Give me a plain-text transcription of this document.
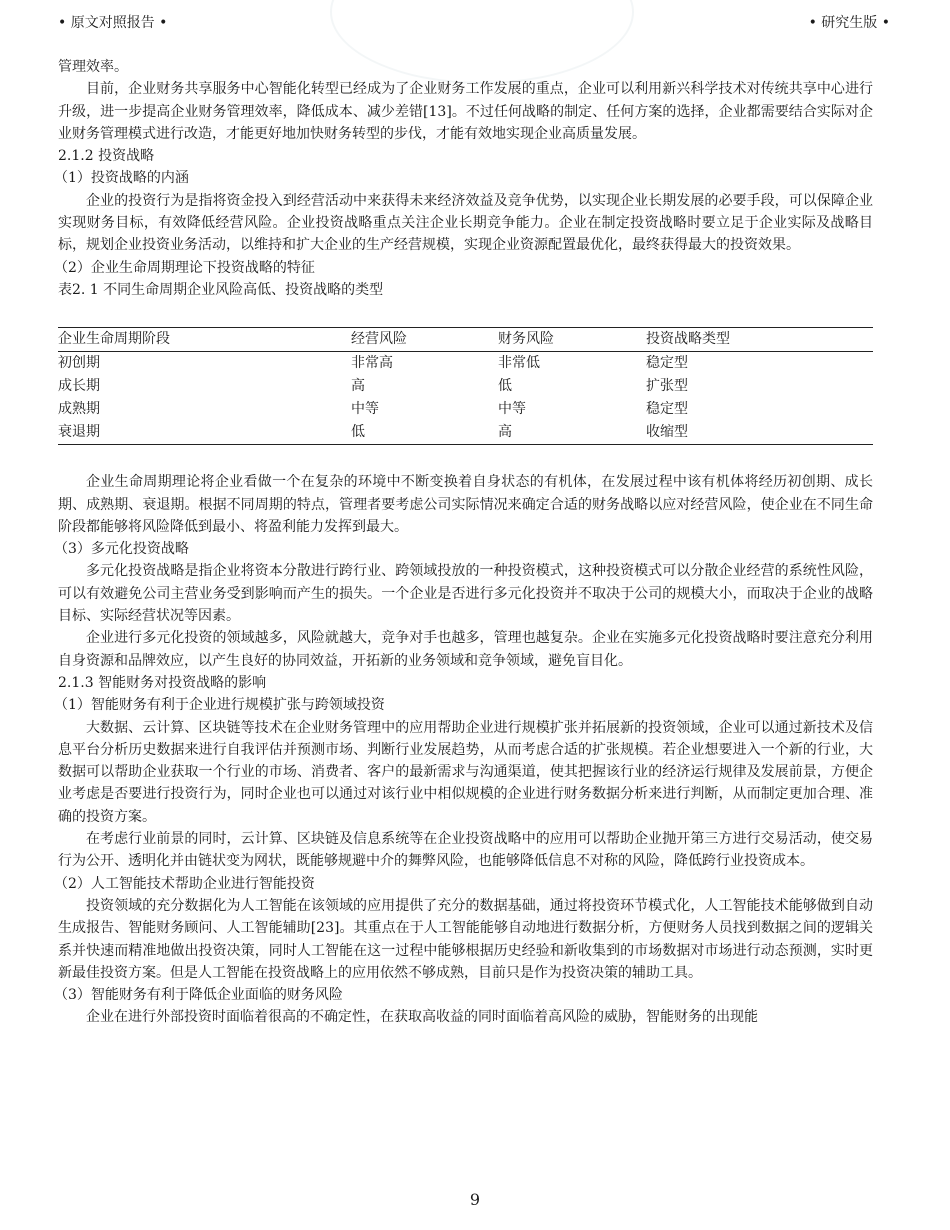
• 原文对照报告 •	• 研究生版 •

管理效率。

目前，企业财务共享服务中心智能化转型已经成为了企业财务工作发展的重点，企业可以利用新兴科学技术对传统共享中心进行升级，进一步提高企业财务管理效率，降低成本、减少差错[13]。不过任何战略的制定、任何方案的选择，企业都需要结合实际对企业财务管理模式进行改造，才能更好地加快财务转型的步伐，才能有效地实现企业高质量发展。

2.1.2 投资战略

（1）投资战略的内涵

企业的投资行为是指将资金投入到经营活动中来获得未来经济效益及竞争优势，以实现企业长期发展的必要手段，可以保障企业实现财务目标，有效降低经营风险。企业投资战略重点关注企业长期竞争能力。企业在制定投资战略时要立足于企业实际及战略目标，规划企业投资业务活动，以维持和扩大企业的生产经营规模，实现企业资源配置最优化，最终获得最大的投资效果。

（2）企业生命周期理论下投资战略的特征

表2. 1 不同生命周期企业风险高低、投资战略的类型

企业生命周期阶段	经营风险	财务风险	投资战略类型
初创期	非常高	非常低	稳定型
成长期	高	低	扩张型
成熟期	中等	中等	稳定型
衰退期	低	高	收缩型

企业生命周期理论将企业看做一个在复杂的环境中不断变换着自身状态的有机体，在发展过程中该有机体将经历初创期、成长期、成熟期、衰退期。根据不同周期的特点，管理者要考虑公司实际情况来确定合适的财务战略以应对经营风险，使企业在不同生命阶段都能够将风险降低到最小、将盈利能力发挥到最大。

（3）多元化投资战略

多元化投资战略是指企业将资本分散进行跨行业、跨领域投放的一种投资模式，这种投资模式可以分散企业经营的系统性风险，可以有效避免公司主营业务受到影响而产生的损失。一个企业是否进行多元化投资并不取决于公司的规模大小，而取决于企业的战略目标、实际经营状况等因素。

企业进行多元化投资的领域越多，风险就越大，竞争对手也越多，管理也越复杂。企业在实施多元化投资战略时要注意充分利用自身资源和品牌效应，以产生良好的协同效益，开拓新的业务领域和竞争领域，避免盲目化。

2.1.3 智能财务对投资战略的影响

（1）智能财务有利于企业进行规模扩张与跨领域投资

大数据、云计算、区块链等技术在企业财务管理中的应用帮助企业进行规模扩张并拓展新的投资领域，企业可以通过新技术及信息平台分析历史数据来进行自我评估并预测市场、判断行业发展趋势，从而考虑合适的扩张规模。若企业想要进入一个新的行业，大数据可以帮助企业获取一个行业的市场、消费者、客户的最新需求与沟通渠道，使其把握该行业的经济运行规律及发展前景，方便企业考虑是否要进行投资行为，同时企业也可以通过对该行业中相似规模的企业进行财务数据分析来进行判断，从而制定更加合理、准确的投资方案。

在考虑行业前景的同时，云计算、区块链及信息系统等在企业投资战略中的应用可以帮助企业抛开第三方进行交易活动，使交易行为公开、透明化并由链状变为网状，既能够规避中介的舞弊风险，也能够降低信息不对称的风险，降低跨行业投资成本。

（2）人工智能技术帮助企业进行智能投资

投资领域的充分数据化为人工智能在该领域的应用提供了充分的数据基础，通过将投资环节模式化，人工智能技术能够做到自动生成报告、智能财务顾问、人工智能辅助[23]。其重点在于人工智能能够自动地进行数据分析，方便财务人员找到数据之间的逻辑关系并快速而精准地做出投资决策，同时人工智能在这一过程中能够根据历史经验和新收集到的市场数据对市场进行动态预测，实时更新最佳投资方案。但是人工智能在投资战略上的应用依然不够成熟，目前只是作为投资决策的辅助工具。

（3）智能财务有利于降低企业面临的财务风险

企业在进行外部投资时面临着很高的不确定性，在获取高收益的同时面临着高风险的威胁，智能财务的出现能

9
